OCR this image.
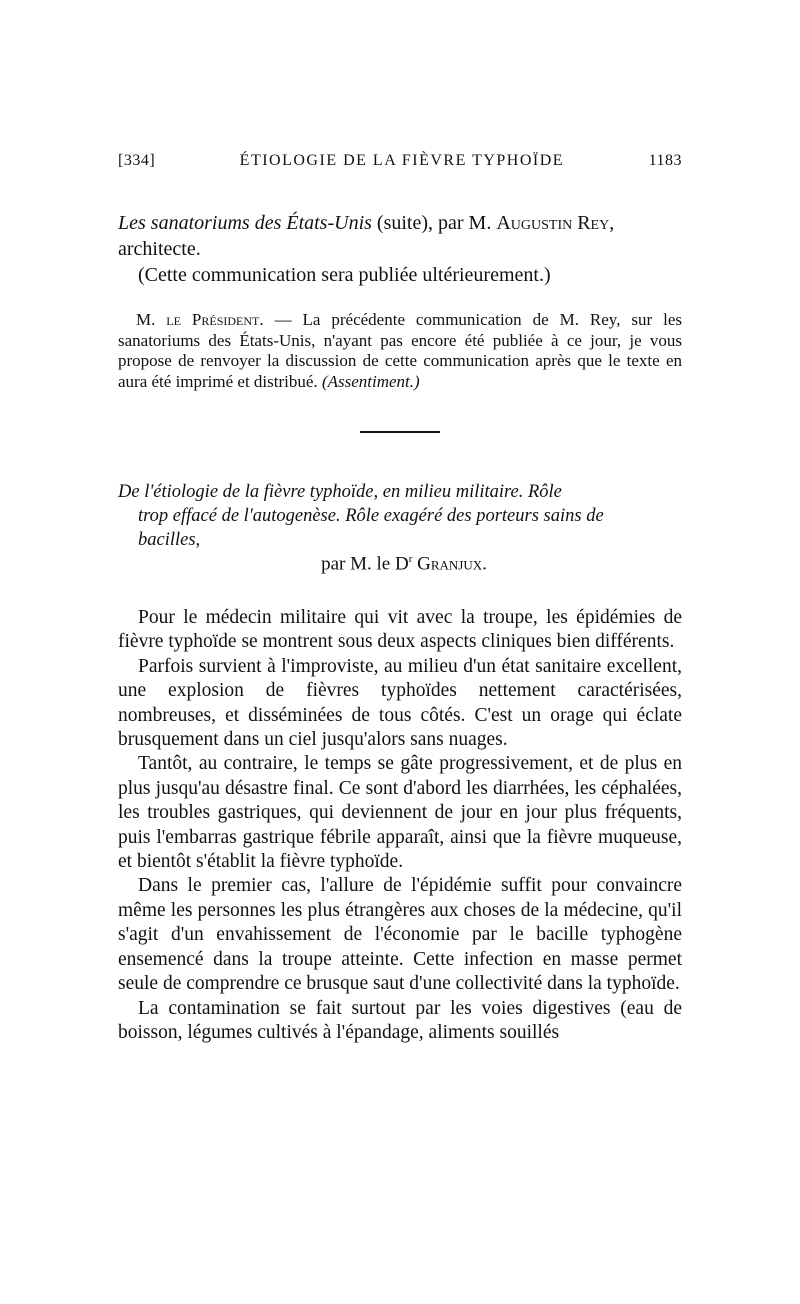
[334]	ÉTIOLOGIE DE LA FIÈVRE TYPHOÏDE	1183
Les sanatoriums des États-Unis (suite), par M. Augustin Rey,
architecte.
(Cette communication sera publiée ultérieurement.)
M. le Président. — La précédente communication de M. Rey, sur les sanatoriums des États-Unis, n'ayant pas encore été publiée à ce jour, je vous propose de renvoyer la discussion de cette communication après que le texte en aura été imprimé et distribué. (Assentiment.)
De l'étiologie de la fièvre typhoïde, en milieu militaire. Rôle
trop effacé de l'autogenèse. Rôle exagéré des porteurs sains de
bacilles,
par M. le $D^r$ Granjux.

Pour le médecin militaire qui vit avec la troupe, les épidémies de fièvre typhoïde se montrent sous deux aspects cliniques bien différents.

Parfois survient à l'improviste, au milieu d'un état sanitaire excellent, une explosion de fièvres typhoïdes nettement caractérisées, nombreuses, et disséminées de tous côtés. C'est un orage qui éclate brusquement dans un ciel jusqu'alors sans nuages.

Tantôt, au contraire, le temps se gâte progressivement, et de plus en plus jusqu'au désastre final. Ce sont d'abord les diarrhées, les céphalées, les troubles gastriques, qui deviennent de jour en jour plus fréquents, puis l'embarras gastrique fébrile apparaît, ainsi que la fièvre muqueuse, et bientôt s'établit la fièvre typhoïde.

Dans le premier cas, l'allure de l'épidémie suffit pour convaincre même les personnes les plus étrangères aux choses de la médecine, qu'il s'agit d'un envahissement de l'économie par le bacille typhogène ensemencé dans la troupe atteinte. Cette infection en masse permet seule de comprendre ce brusque saut d'une collectivité dans la typhoïde.

La contamination se fait surtout par les voies digestives (eau de boisson, légumes cultivés à l'épandage, aliments souillés
